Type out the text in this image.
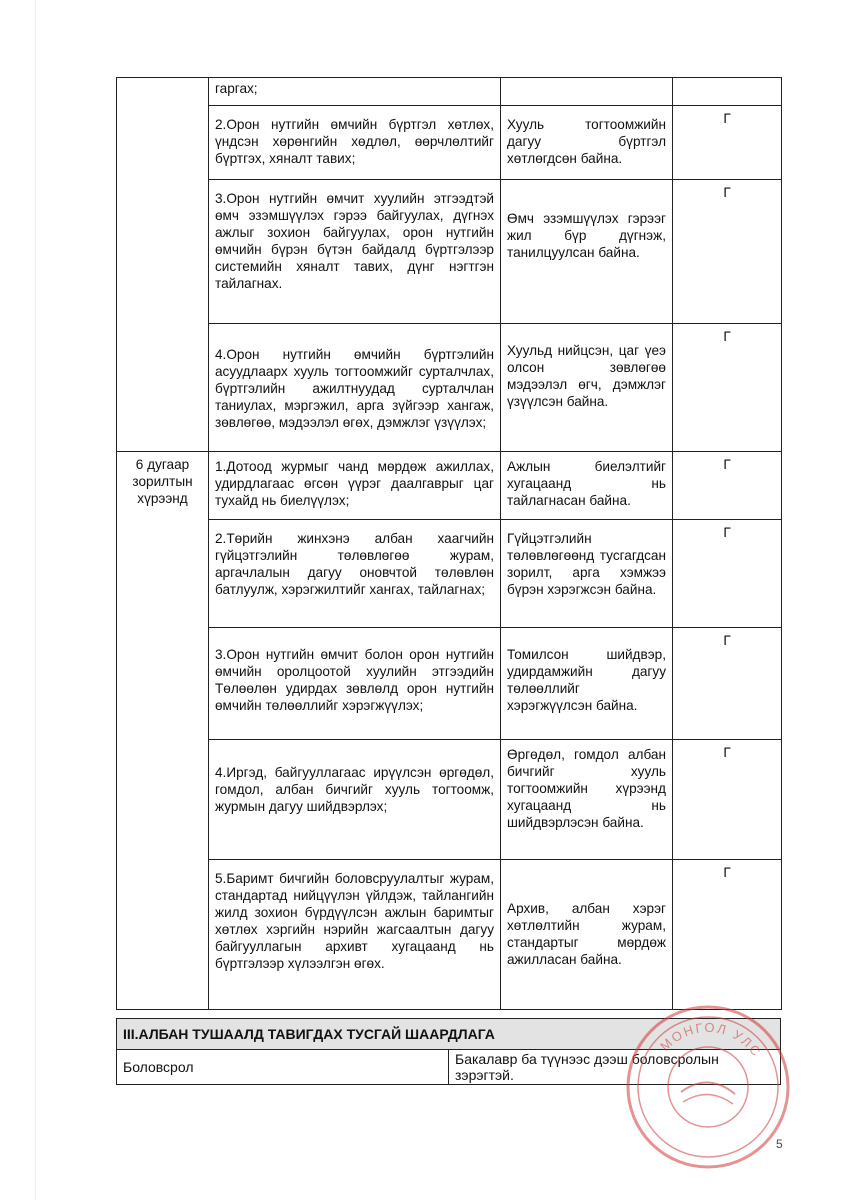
	гаргах;		
	2.Орон нутгийн өмчийн бүртгэл хөтлөх, үндсэн хөрөнгийн хөдлөл, өөрчлөлтийг бүртгэх, хяналт тавих;	Хууль тогтоомжийн дагуу бүртгэл хөтлөгдсөн байна.	Г
	3.Орон нутгийн өмчит хуулийн этгээдтэй өмч эзэмшүүлэх гэрээ байгуулах, дүгнэх ажлыг зохион байгуулах, орон нутгийн өмчийн бүрэн бүтэн байдалд бүртгэлээр системийн хяналт тавих, дүнг нэгтгэн тайлагнах.	Өмч эзэмшүүлэх гэрээг жил бүр дүгнэж, танилцуулсан байна.	Г
	4.Орон нутгийн өмчийн бүртгэлийн асуудлаарх хууль тогтоомжийг сурталчлах, бүртгэлийн ажилтнуудад сурталчлан таниулах, мэргэжил, арга зүйгээр хангаж, зөвлөгөө, мэдээлэл өгөх, дэмжлэг үзүүлэх;	Хуульд нийцсэн, цаг үеэ олсон зөвлөгөө мэдээлэл өгч, дэмжлэг үзүүлсэн байна.	Г
6 дугаар зорилтын хүрээнд	1.Дотоод журмыг чанд мөрдөж ажиллах, удирдлагаас өгсөн үүрэг даалгаврыг цаг тухайд нь биелүүлэх;	Ажлын биелэлтийг хугацаанд нь тайлагнасан байна.	Г
	2.Төрийн жинхэнэ албан хаагчийн гүйцэтгэлийн төлөвлөгөө журам, аргачлалын дагуу оновчтой төлөвлөн батлуулж, хэрэгжилтийг хангах, тайлагнах;	Гүйцэтгэлийн төлөвлөгөөнд тусгагдсан зорилт, арга хэмжээ бүрэн хэрэгжсэн байна.	Г
	3.Орон нутгийн өмчит болон орон нутгийн өмчийн оролцоотой хуулийн этгээдийн Төлөөлөн удирдах зөвлөлд орон нутгийн өмчийн төлөөллийг хэрэгжүүлэх;	Томилсон шийдвэр, удирдамжийн дагуу төлөөллийг хэрэгжүүлсэн байна.	Г
	4.Иргэд, байгууллагаас ирүүлсэн өргөдөл, гомдол, албан бичгийг хууль тогтоомж, журмын дагуу шийдвэрлэх;	Өргөдөл, гомдол албан бичгийг хууль тогтоомжийн хүрээнд хугацаанд нь шийдвэрлэсэн байна.	Г
	5.Баримт бичгийн боловсруулалтыг журам, стандартад нийцүүлэн үйлдэж, тайлангийн жилд зохион бүрдүүлсэн ажлын баримтыг хөтлөх хэргийн нэрийн жагсаалтын дагуу байгууллагын архивт хугацаанд нь бүртгэлээр хүлээлгэн өгөх.	Архив, албан хэрэг хөтлөлтийн журам, стандартыг мөрдөж ажилласан байна.	Г
III.АЛБАН ТУШААЛД ТАВИГДАХ ТУСГАЙ ШААРДЛАГА
Боловсрол	Бакалавр ба түүнээс дээш боловсролын зэрэгтэй.
МОНГОЛ УЛС
5
